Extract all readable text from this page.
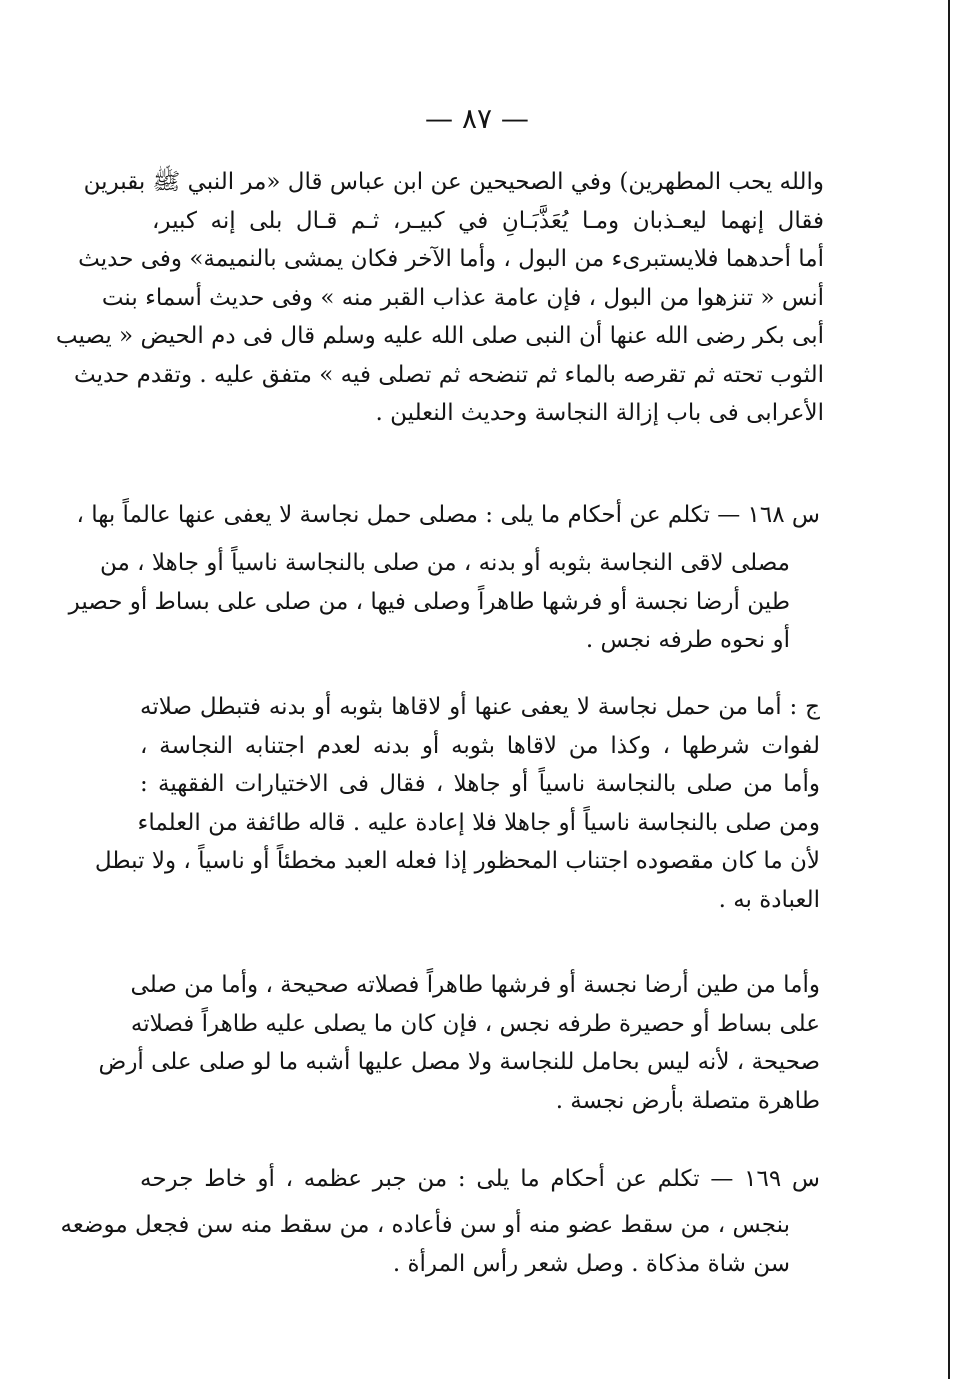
— ٨٧ —
والله يحب المطهرين) وفي الصحيحين عن ابن عباس قال «مر النبي ﷺ بقبرين
فقال إنهما ليعـذبان ومـا يُعَذَّبَـانِ في كبيـر، ثـم قـال بلى إنه كبير،
أما أحدهما فلايستبرىء من البول ، وأما الآخر فكان يمشى بالنميمة» وفى حديث
أنس « تنزهوا من البول ، فإن عامة عذاب القبر منه » وفى حديث أسماء بنت
أبى بكر رضى الله عنها أن النبى صلى الله عليه وسلم قال فى دم الحيض « يصيب
الثوب تحته ثم تقرصه بالماء ثم تنضحه ثم تصلى فيه » متفق عليه . وتقدم حديث
الأعرابى فى باب إزالة النجاسة وحديث النعلين .
س ١٦٨ — تكلم عن أحكام ما يلى : مصلى حمل نجاسة لا يعفى عنها عالماً بها ،
مصلى لاقى النجاسة بثوبه أو بدنه ، من صلى بالنجاسة ناسياً أو جاهلا ، من
طين أرضا نجسة أو فرشها طاهراً وصلى فيها ، من صلى على بساط أو حصير
أو نحوه طرفه نجس .
ج : أما من حمل نجاسة لا يعفى عنها أو لاقاها بثوبه أو بدنه فتبطل صلاته
لفوات شرطها ، وكذا من لاقاها بثوبه أو بدنه لعدم اجتنابه النجاسة ،
وأما من صلى بالنجاسة ناسياً أو جاهلا ، فقال فى الاختيارات الفقهية :
ومن صلى بالنجاسة ناسياً أو جاهلا فلا إعادة عليه . قاله طائفة من العلماء
لأن ما كان مقصوده اجتناب المحظور إذا فعله العبد مخطئاً أو ناسياً ، ولا تبطل
العبادة به .
وأما من طين أرضا نجسة أو فرشها طاهراً فصلاته صحيحة ، وأما من صلى
على بساط أو حصيرة طرفه نجس ، فإن كان ما يصلى عليه طاهراً فصلاته
صحيحة ، لأنه ليس بحامل للنجاسة ولا مصل عليها أشبه ما لو صلى على أرض
طاهرة متصلة بأرض نجسة .
س ١٦٩ — تكلم عن أحكام ما يلى : من جبر عظمه ، أو خاط جرحه
بنجس ، من سقط عضو منه أو سن فأعاده ، من سقط منه سن فجعل موضعه
سن شاة مذكاة . وصل شعر رأس المرأة .
